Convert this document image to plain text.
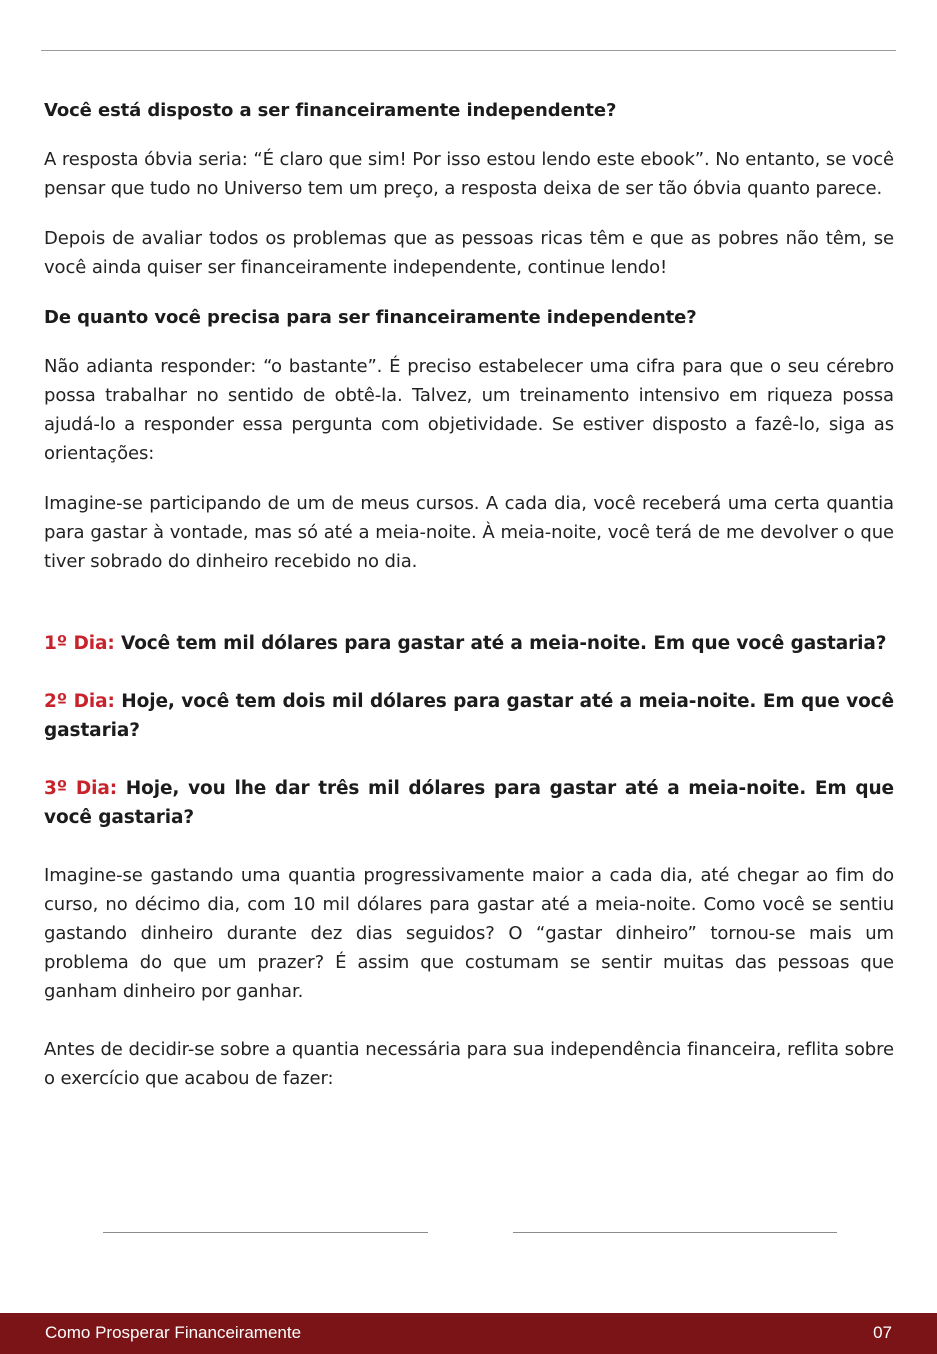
Você está disposto a ser financeiramente independente?

A resposta óbvia seria: “É claro que sim! Por isso estou lendo este ebook”. No entanto, se você pensar que tudo no Universo tem um preço, a resposta deixa de ser tão óbvia quanto parece.

Depois de avaliar todos os problemas que as pessoas ricas têm e que as pobres não têm, se você ainda quiser ser financeiramente independente, continue lendo!

De quanto você precisa para ser financeiramente independente?

Não adianta responder: “o bastante”. É preciso estabelecer uma cifra para que o seu cérebro possa trabalhar no sentido de obtê-la. Talvez, um treinamento intensivo em riqueza possa ajudá-lo a responder essa pergunta com objetividade. Se estiver disposto a fazê-lo, siga as orientações:

Imagine-se participando de um de meus cursos. A cada dia, você receberá uma certa quantia para gastar à vontade, mas só até a meia-noite. À meia-noite, você terá de me devolver o que tiver sobrado do dinheiro recebido no dia.

1º Dia: Você tem mil dólares para gastar até a meia-noite. Em que você gastaria?

2º Dia: Hoje, você tem dois mil dólares para gastar até a meia-noite. Em que você gastaria?

3º Dia: Hoje, vou lhe dar três mil dólares para gastar até a meia-noite. Em que você gastaria?

Imagine-se gastando uma quantia progressivamente maior a cada dia, até chegar ao fim do curso, no décimo dia, com 10 mil dólares para gastar até a meia-noite. Como você se sentiu gastando dinheiro durante dez dias seguidos? O “gastar dinheiro” tornou-se mais um problema do que um prazer? É assim que costumam se sentir muitas das pessoas que ganham dinheiro por ganhar.

Antes de decidir-se sobre a quantia necessária para sua independência financeira, reflita sobre o exercício que acabou de fazer:

Como Prosperar Financeiramente	07
